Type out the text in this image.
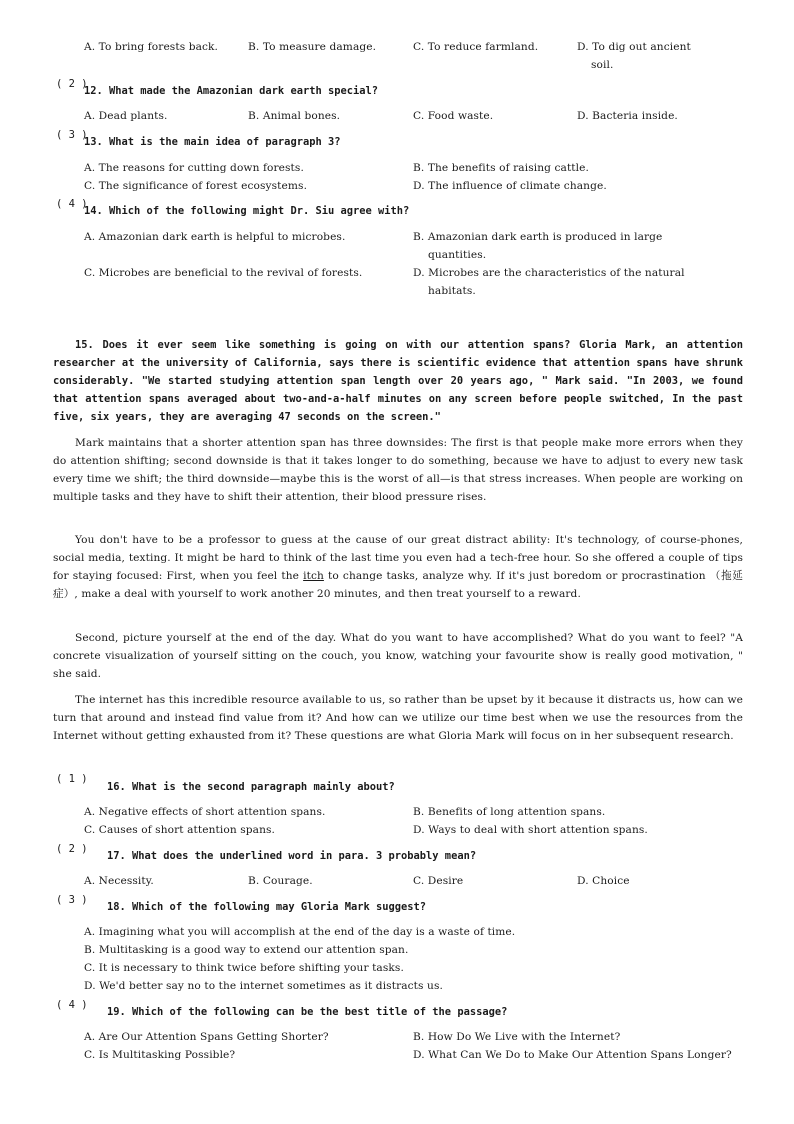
A. To bring forests back.	B. To measure damage.	C. To reduce farmland.	D. To dig out ancient
soil.
( 2 )
12. What made the Amazonian dark earth special?
A. Dead plants.	B. Animal bones.	C. Food waste.	D. Bacteria inside.
( 3 )
13. What is the main idea of paragraph 3?
A. The reasons for cutting down forests.	B. The benefits of raising cattle.
C. The significance of forest ecosystems.	D. The influence of climate change.
( 4 )
14. Which of the following might Dr. Siu agree with?
A. Amazonian dark earth is helpful to microbes.	B. Amazonian dark earth is produced in large
quantities.
C. Microbes are beneficial to the revival of forests.	D. Microbes are the characteristics of the natural
habitats.
15. Does it ever seem like something is going on with our attention spans? Gloria Mark, an attention researcher at the university of California, says there is scientific evidence that attention spans have shrunk considerably. "We started studying attention span length over 20 years ago, " Mark said. "In 2003, we found that attention spans averaged about two-and-a-half minutes on any screen before people switched, In the past five, six years, they are averaging 47 seconds on the screen."
Mark maintains that a shorter attention span has three downsides: The first is that people make more errors when they do attention shifting; second downside is that it takes longer to do something, because we have to adjust to every new task every time we shift; the third downside—maybe this is the worst of all—is that stress increases. When people are working on multiple tasks and they have to shift their attention, their blood pressure rises.
You don't have to be a professor to guess at the cause of our great distract ability: It's technology, of course-phones, social media, texting. It might be hard to think of the last time you even had a tech-free hour. So she offered a couple of tips for staying focused: First, when you feel the itch to change tasks, analyze why. If it's just boredom or procrastination （拖延症）, make a deal with yourself to work another 20 minutes, and then treat yourself to a reward.
Second, picture yourself at the end of the day. What do you want to have accomplished? What do you want to feel? "A concrete visualization of yourself sitting on the couch, you know, watching your favourite show is really good motivation, " she said.
The internet has this incredible resource available to us, so rather than be upset by it because it distracts us, how can we turn that around and instead find value from it? And how can we utilize our time best when we use the resources from the Internet without getting exhausted from it? These questions are what Gloria Mark will focus on in her subsequent research.
( 1 )
16. What is the second paragraph mainly about?
A. Negative effects of short attention spans.	B. Benefits of long attention spans.
C. Causes of short attention spans.	D. Ways to deal with short attention spans.
( 2 )
17. What does the underlined word in para. 3 probably mean?
A. Necessity.	B. Courage.	C. Desire	D. Choice
( 3 )
18. Which of the following may Gloria Mark suggest?
A. Imagining what you will accomplish at the end of the day is a waste of time.
B. Multitasking is a good way to extend our attention span.
C. It is necessary to think twice before shifting your tasks.
D. We'd better say no to the internet sometimes as it distracts us.
( 4 )
19. Which of the following can be the best title of the passage?
A. Are Our Attention Spans Getting Shorter?	B. How Do We Live with the Internet?
C. Is Multitasking Possible?	D. What Can We Do to Make Our Attention Spans Longer?
